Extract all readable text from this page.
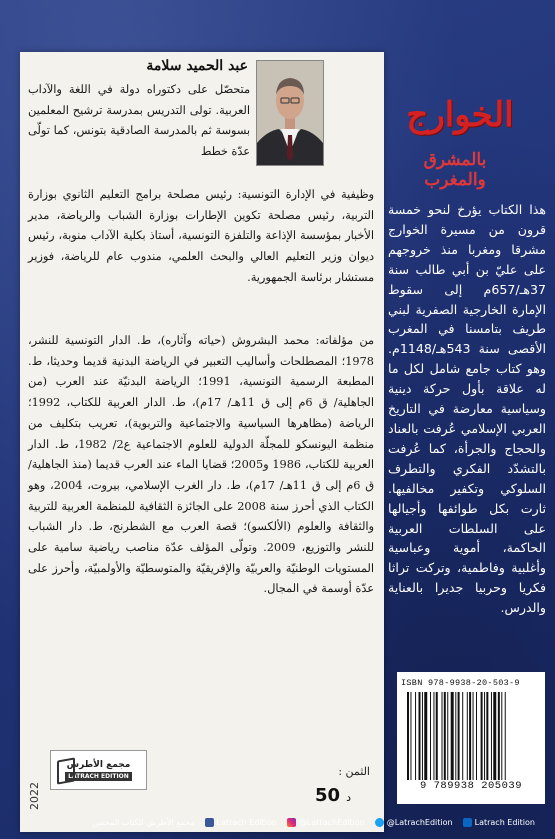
عبد الحميد سلامة
متحصّل على دكتوراه دولة في اللغة والآداب العربية. تولى التدريس بمدرسة ترشيح المعلمين بسوسة ثم بالمدرسة الصادقية بتونس، كما تولّى عدّة خطط
وظيفية في الإدارة التونسية: رئيس مصلحة برامج التعليم الثانوي بوزارة التربية، رئيس مصلحة تكوين الإطارات بوزارة الشباب والرياضة، مدير الأخبار بمؤسسة الإذاعة والتلفزة التونسية، أستاذ بكلية الآداب منوبة، رئيس ديوان وزير التعليم العالي والبحث العلمي، مندوب عام للرياضة، فوزير مستشار برئاسة الجمهورية.
من مؤلفاته: محمد البشروش (حياته وآثاره)، ط. الدار التونسية للنشر، 1978؛ المصطلحات وأساليب التعبير في الرياضة البدنية قديما وحديثا، ط. المطبعة الرسمية التونسية، 1991؛ الرياضة البدنيّة عند العرب (من الجاهلية/ ق 6م إلى ق 11هـ/ 17م)، ط. الدار العربية للكتاب، 1992؛ الرياضة (مظاهرها السياسية والاجتماعية والتربوية)، تعريب بتكليف من منظمة اليونسكو للمجلّة الدولية للعلوم الاجتماعية ع2/ 1982، ط. الدار العربية للكتاب، 1986 و2005؛ قضايا الماء عند العرب قديما (منذ الجاهلية/ ق 6م إلى ق 11هـ/ 17م)، ط. دار الغرب الإسلامي، بيروت، 2004، وهو الكتاب الذي أحرز سنة 2008 على الجائزة الثقافية للمنظمة العربية للتربية والثقافة والعلوم (الألكسو)؛ قصة العرب مع الشطرنج، ط. دار الشباب للنشر والتوزيع، 2009. وتولّى المؤلف عدّة مناصب رياضية سامية على المستويات الوطنيّة والعربيّة والإفريقيّة والمتوسطيّة والأولمبيّة، وأحرز على عدّة أوسمة في المجال.
2022
مجمع الأطرش
LATRACH EDITION	الثمن :
50 د
الخوارج
بالمشرق والمغرب
هذا الكتاب يؤرخ لنحو خمسة قرون من مسيرة الخوارج مشرقا ومغربا منذ خروجهم على عليّ بن أبي طالب سنة 37هـ/657م إلى سقوط الإمارة الخارجية الصفرية لبني طريف بتامسنا في المغرب الأقصى سنة 543هـ/1148م. وهو كتاب جامع شامل لكل ما له علاقة بأول حركة دينية وسياسية معارضة في التاريخ العربي الإسلامي عُرفت بالعناد والحجاج والجرأة، كما عُرفت بالتشدّد الفكري والتطرف السلوكي وتكفير مخالفيها. ثارت بكل طوائفها وأجيالها على السلطات العربية الحاكمة، أموية وعباسية وأغلبية وفاطمية، وتركت تراثا فكريا وحربيا جديرا بالعناية والدرس.
ISBN 978-9938-20-503-9
9 789938 205039
مجمع الأطرش للكتاب المختص	Latrach Edition	@LatrachEdition	@LatrachEdition	Latrach Edition
